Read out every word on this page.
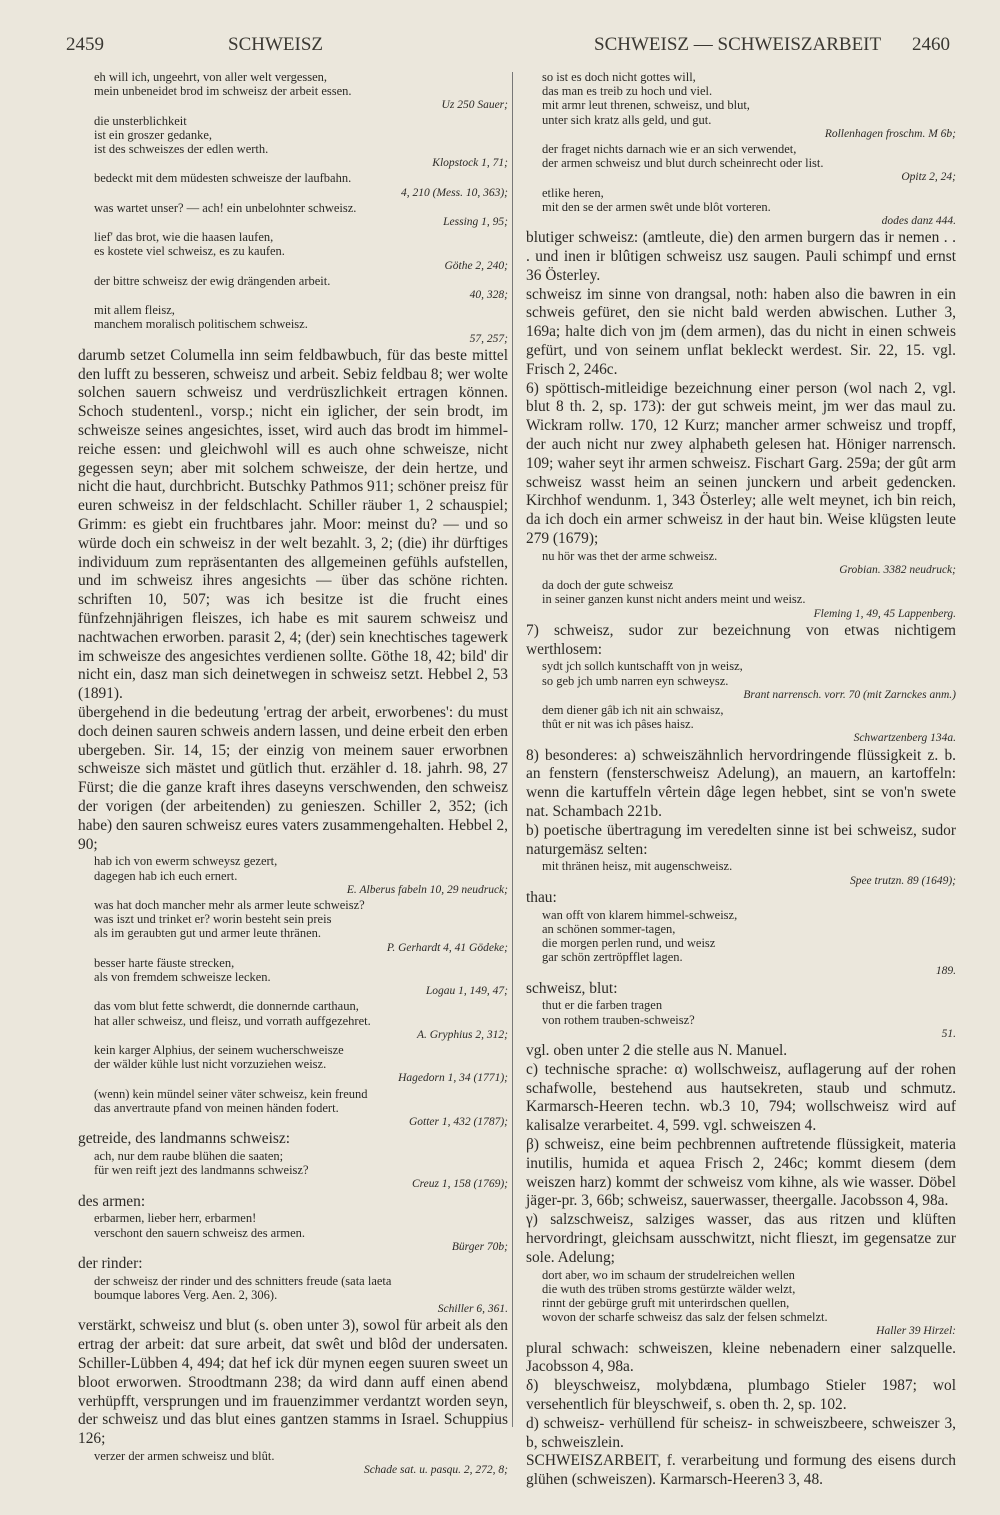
2459	SCHWEISZ	SCHWEISZ — SCHWEISZARBEIT 2460
eh will ich, ungeehrt, von aller welt vergessen,
mein unbeneidet brod im schweisz der arbeit essen.
Uz 250 Sauer;
die unsterblichkeit
ist ein groszer gedanke,
ist des schweiszes der edlen werth.
Klopstock 1, 71;
bedeckt mit dem müdesten schweisze der laufbahn.
4, 210 (Mess. 10, 363);
was wartet unser? — ach! ein unbelohnter schweisz.
Lessing 1, 95;
lief' das brot, wie die haasen laufen,
es kostete viel schweisz, es zu kaufen.
Göthe 2, 240;
der bittre schweisz der ewig drängenden arbeit.
40, 328;
mit allem fleisz,
manchem moralisch politischem schweisz.
57, 257;

darumb setzet Columella inn seim feldbawbuch, für das beste mittel den lufft zu besseren, schweisz und arbeit. Sebiz feldbau 8; wer wolte solchen sauern schweisz und verdrüszlichkeit ertragen können. Schoch studentenl., vorsp.; nicht ein iglicher, der sein brodt, im schweisze seines angesichtes, isset, wird auch das brodt im himmel-reiche essen: und gleichwohl will es auch ohne schweisze, nicht gegessen seyn; aber mit solchem schweisze, der dein hertze, und nicht die haut, durchbricht. Butschky Pathmos 911; schöner preisz für euren schweisz in der feldschlacht. Schiller räuber 1, 2 schauspiel; Grimm: es giebt ein fruchtbares jahr. Moor: meinst du? — und so würde doch ein schweisz in der welt bezahlt. 3, 2; (die) ihr dürftiges individuum zum repräsentanten des allgemeinen gefühls aufstellen, und im schweisz ihres angesichts — über das schöne richten. schriften 10, 507; was ich besitze ist die frucht eines fünfzehnjährigen fleiszes, ich habe es mit saurem schweisz und nachtwachen erworben. parasit 2, 4; (der) sein knechtisches tagewerk im schweisze des angesichtes verdienen sollte. Göthe 18, 42; bild' dir nicht ein, dasz man sich deinetwegen in schweisz setzt. Hebbel 2, 53 (1891).

übergehend in die bedeutung 'ertrag der arbeit, erworbenes': du must doch deinen sauren schweis andern lassen, und deine erbeit den erben ubergeben. Sir. 14, 15; der einzig von meinem sauer erworbnen schweisze sich mästet und gütlich thut. erzähler d. 18. jahrh. 98, 27 Fürst; die die ganze kraft ihres daseyns verschwenden, den schweisz der vorigen (der arbeitenden) zu genieszen. Schiller 2, 352; (ich habe) den sauren schweisz eures vaters zusammengehalten. Hebbel 2, 90;

hab ich von ewerm schweysz gezert,
dagegen hab ich euch ernert.
E. Alberus fabeln 10, 29 neudruck;
was hat doch mancher mehr als armer leute schweisz?
was iszt und trinket er? worin besteht sein preis
als im geraubten gut und armer leute thränen.
P. Gerhardt 4, 41 Gödeke;
besser harte fäuste strecken,
als von fremdem schweisze lecken.
Logau 1, 149, 47;
das vom blut fette schwerdt, die donnernde carthaun,
hat aller schweisz, und fleisz, und vorrath auffgezehret.
A. Gryphius 2, 312;
kein karger Alphius, der seinem wucherschweisze
der wälder kühle lust nicht vorzuziehen weisz.
Hagedorn 1, 34 (1771);
(wenn) kein mündel seiner väter schweisz, kein freund
das anvertraute pfand von meinen händen fodert.
Gotter 1, 432 (1787);

getreide, des landmanns schweisz:

ach, nur dem raube blühen die saaten;
für wen reift jezt des landmanns schweisz?
Creuz 1, 158 (1769);

des armen:

erbarmen, lieber herr, erbarmen!
verschont den sauern schweisz des armen.
Bürger 70b;

der rinder:

der schweisz der rinder und des schnitters freude (sata laeta
boumque labores Verg. Aen. 2, 306).
Schiller 6, 361.

verstärkt, schweisz und blut (s. oben unter 3), sowol für arbeit als den ertrag der arbeit: dat sure arbeit, dat swêt und blôd der undersaten. Schiller-Lübben 4, 494; dat hef ick dür mynen eegen suuren sweet un bloot erworwen. Stroodtmann 238; da wird dann auff einen abend verhüpfft, versprungen und im frauenzimmer verdantzt worden seyn, der schweisz und das blut eines gantzen stamms in Israel. Schuppius 126;

verzer der armen schweisz und blût.
Schade sat. u. pasqu. 2, 272, 8;
so ist es doch nicht gottes will,
das man es treib zu hoch und viel.
mit armr leut threnen, schweisz, und blut,
unter sich kratz alls geld, und gut.
Rollenhagen froschm. M 6b;
der fraget nichts darnach wie er an sich verwendet,
der armen schweisz und blut durch scheinrecht oder list.
Opitz 2, 24;
etlike heren,
mit den se der armen swêt unde blôt vorteren.
dodes danz 444.

blutiger schweisz: (amtleute, die) den armen burgern das ir nemen . . . und inen ir blûtigen schweisz usz saugen. Pauli schimpf und ernst 36 Österley.

schweisz im sinne von drangsal, noth: haben also die bawren in ein schweis gefüret, den sie nicht bald werden abwischen. Luther 3, 169a; halte dich von jm (dem armen), das du nicht in einen schweis gefürt, und von seinem unflat bekleckt werdest. Sir. 22, 15. vgl. Frisch 2, 246c.

6) spöttisch-mitleidige bezeichnung einer person (wol nach 2, vgl. blut 8 th. 2, sp. 173): der gut schweis meint, jm wer das maul zu. Wickram rollw. 170, 12 Kurz; mancher armer schweisz und tropff, der auch nicht nur zwey alphabeth gelesen hat. Höniger narrensch. 109; waher seyt ihr armen schweisz. Fischart Garg. 259a; der gût arm schweisz wasst heim an seinen junckern und arbeit gedencken. Kirchhof wendunm. 1, 343 Österley; alle welt meynet, ich bin reich, da ich doch ein armer schweisz in der haut bin. Weise klügsten leute 279 (1679);

nu hör was thet der arme schweisz.
Grobian. 3382 neudruck;
da doch der gute schweisz
in seiner ganzen kunst nicht anders meint und weisz.
Fleming 1, 49, 45 Lappenberg.

7) schweisz, sudor zur bezeichnung von etwas nichtigem werthlosem:

sydt jch sollch kuntschafft von jn weisz,
so geb jch umb narren eyn schweysz.
Brant narrensch. vorr. 70 (mit Zarnckes anm.)
dem diener gâb ich nit ain schwaisz,
thût er nit was ich pâses haisz.
Schwartzenberg 134a.

8) besonderes: a) schweiszähnlich hervordringende flüssigkeit z. b. an fenstern (fensterschweisz Adelung), an mauern, an kartoffeln: wenn die kartuffeln vêrtein dâge legen hebbet, sint se von'n swete nat. Schambach 221b.

b) poetische übertragung im veredelten sinne ist bei schweisz, sudor naturgemäsz selten:

mit thränen heisz, mit augenschweisz.
Spee trutzn. 89 (1649);

thau:

wan offt von klarem himmel-schweisz,
an schönen sommer-tagen,
die morgen perlen rund, und weisz
gar schön zertröpfflet lagen.
189.

schweisz, blut:

thut er die farben tragen
von rothem trauben-schweisz?
51.

vgl. oben unter 2 die stelle aus N. Manuel.

c) technische sprache: α) wollschweisz, auflagerung auf der rohen schafwolle, bestehend aus hautsekreten, staub und schmutz. Karmarsch-Heeren techn. wb.3 10, 794; wollschweisz wird auf kalisalze verarbeitet. 4, 599. vgl. schweiszen 4.

β) schweisz, eine beim pechbrennen auftretende flüssigkeit, materia inutilis, humida et aquea Frisch 2, 246c; kommt diesem (dem weiszen harz) kommt der schweisz vom kihne, als wie wasser. Döbel jäger-pr. 3, 66b; schweisz, sauerwasser, theergalle. Jacobsson 4, 98a.

γ) salzschweisz, salziges wasser, das aus ritzen und klüften hervordringt, gleichsam ausschwitzt, nicht flieszt, im gegensatze zur sole. Adelung;

dort aber, wo im schaum der strudelreichen wellen
die wuth des trüben stroms gestürzte wälder welzt,
rinnt der gebürge gruft mit unterirdschen quellen,
wovon der scharfe schweisz das salz der felsen schmelzt.
Haller 39 Hirzel:

plural schwach: schweiszen, kleine nebenadern einer salzquelle. Jacobsson 4, 98a.

δ) bleyschweisz, molybdæna, plumbago Stieler 1987; wol versehentlich für bleyschweif, s. oben th. 2, sp. 102.

d) schweisz- verhüllend für scheisz- in schweiszbeere, schweiszer 3, b, schweiszlein.

SCHWEISZARBEIT, f. verarbeitung und formung des eisens durch glühen (schweiszen). Karmarsch-Heeren3 3, 48.
